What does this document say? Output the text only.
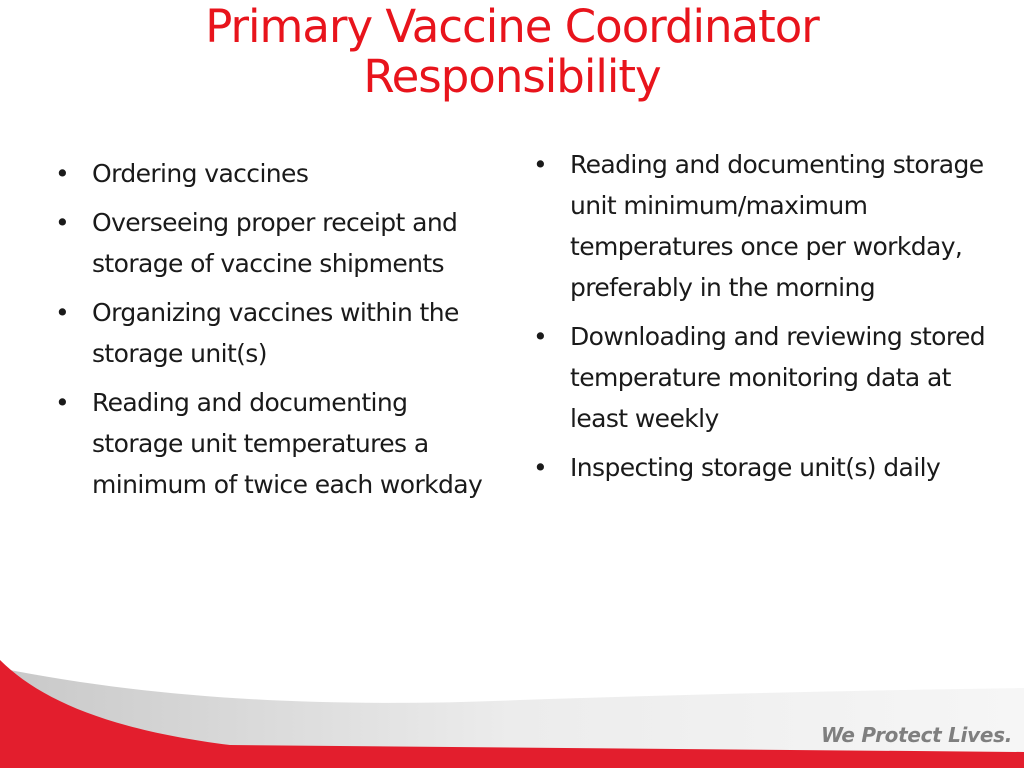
Primary Vaccine Coordinator
Responsibility
• Ordering vaccines
• Overseeing proper receipt and storage of vaccine shipments
• Organizing vaccines within the storage unit(s)
• Reading and documenting storage unit temperatures a minimum of twice each workday
• Reading and documenting storage unit minimum/maximum temperatures once per workday, preferably in the morning
• Downloading and reviewing stored temperature monitoring data at least weekly
• Inspecting storage unit(s) daily
We Protect Lives.
